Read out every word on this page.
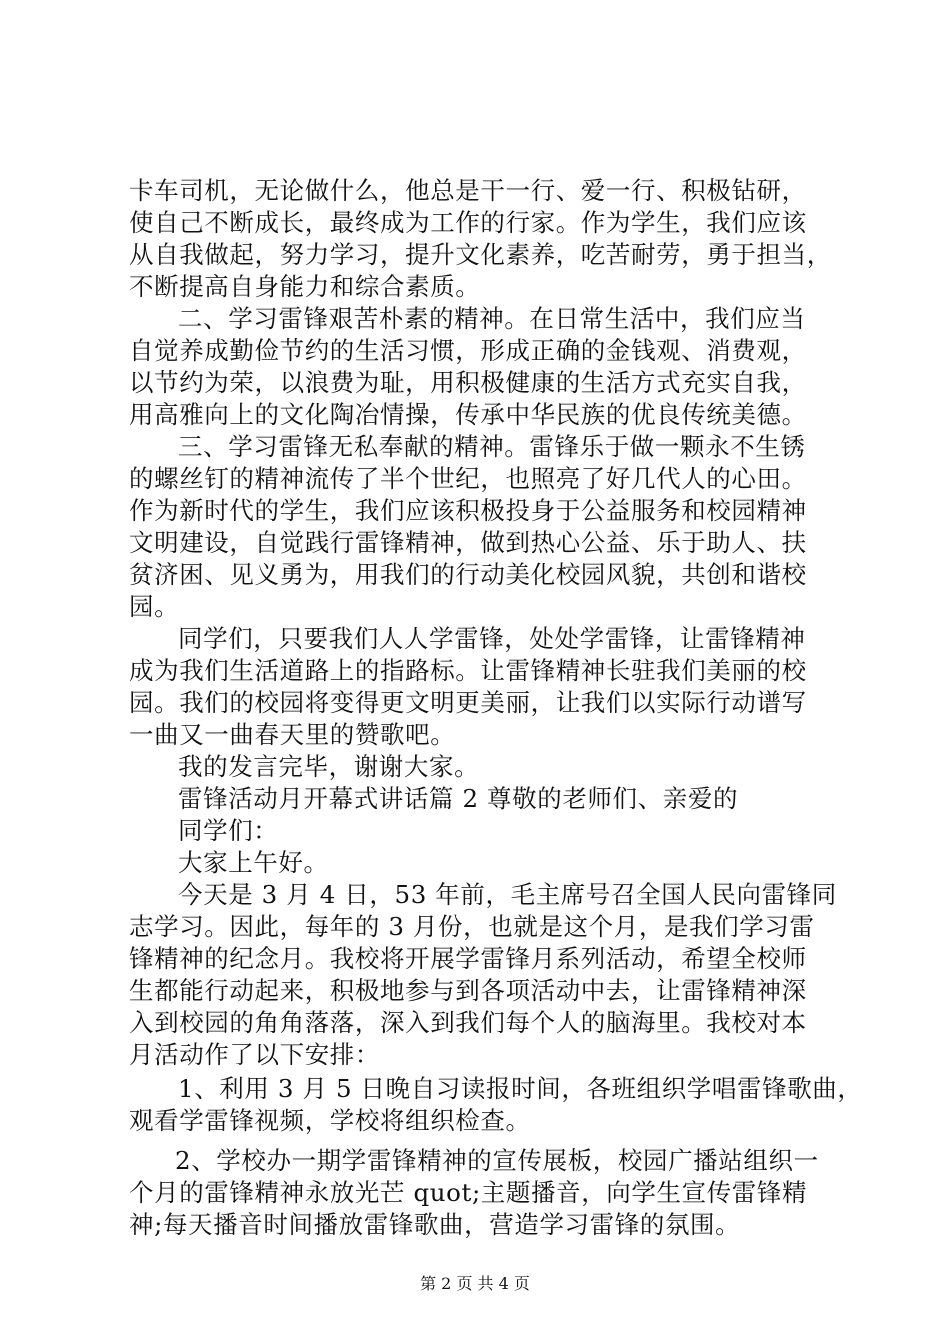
卡车司机，无论做什么，他总是干一行、爱一行、积极钻研，
使自己不断成长，最终成为工作的行家。作为学生，我们应该
从自我做起，努力学习，提升文化素养，吃苦耐劳，勇于担当，
不断提高自身能力和综合素质。
二、学习雷锋艰苦朴素的精神。在日常生活中，我们应当
自觉养成勤俭节约的生活习惯，形成正确的金钱观、消费观，
以节约为荣，以浪费为耻，用积极健康的生活方式充实自我，
用高雅向上的文化陶冶情操，传承中华民族的优良传统美德。
三、学习雷锋无私奉献的精神。雷锋乐于做一颗永不生锈
的螺丝钉的精神流传了半个世纪，也照亮了好几代人的心田。
作为新时代的学生，我们应该积极投身于公益服务和校园精神
文明建设，自觉践行雷锋精神，做到热心公益、乐于助人、扶
贫济困、见义勇为，用我们的行动美化校园风貌，共创和谐校
园。
同学们，只要我们人人学雷锋，处处学雷锋，让雷锋精神
成为我们生活道路上的指路标。让雷锋精神长驻我们美丽的校
园。我们的校园将变得更文明更美丽，让我们以实际行动谱写
一曲又一曲春天里的赞歌吧。
我的发言完毕，谢谢大家。
雷锋活动月开幕式讲话篇 2 尊敬的老师们、亲爱的
同学们：
大家上午好。
今天是 3 月 4 日，53 年前，毛主席号召全国人民向雷锋同
志学习。因此，每年的 3 月份，也就是这个月，是我们学习雷
锋精神的纪念月。我校将开展学雷锋月系列活动，希望全校师
生都能行动起来，积极地参与到各项活动中去，让雷锋精神深
入到校园的角角落落，深入到我们每个人的脑海里。我校对本
月活动作了以下安排：
1、利用 3 月 5 日晚自习读报时间，各班组织学唱雷锋歌曲，
观看学雷锋视频，学校将组织检查。
2、学校办一期学雷锋精神的宣传展板，校园广播站组织一
个月的雷锋精神永放光芒 quot;主题播音，向学生宣传雷锋精
神;每天播音时间播放雷锋歌曲，营造学习雷锋的氛围。
第 2 页 共 4 页
